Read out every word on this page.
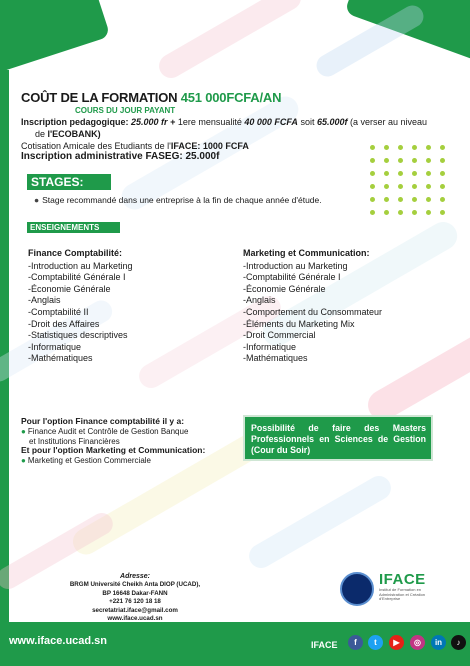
COÛT DE LA FORMATION 451 000FCFA/AN
COURS DU JOUR PAYANT
Inscription pedagogique: 25.000 fr + 1ere mensualité 40 000 FCFA soit 65.000f (a verser au niveau
de l'ECOBANK)
Cotisation Amicale des Etudiants de l'IFACE: 1000 FCFA
Inscription administrative FASEG: 25.000f
STAGES:
● Stage recommandé dans une entreprise à la fin de chaque année d'étude.
ENSEIGNEMENTS
Finance Comptabilité:
-Introduction au Marketing
-Comptabilité Générale I
-Économie Générale
-Anglais
-Comptabilité II
-Droit des Affaires
-Statistiques descriptives
-Informatique
-Mathématiques
Marketing et Communication:
-Introduction au Marketing
-Comptabilité Générale I
-Économie Générale
-Anglais
-Comportement du Consommateur
-Éléments du Marketing Mix
-Droit Commercial
-Informatique
-Mathématiques
Pour l'option Finance comptabilité il y a:
● Finance Audit et Contrôle de Gestion Banque
et Institutions Financières
Et pour l'option Marketing et Communication:
● Marketing et Gestion Commerciale
Possibilité de faire des Masters Professionnels en Sciences de Gestion (Cour du Soir)
Adresse:
BRGM Université Cheikh Anta DIOP (UCAD),
BP 16648 Dakar-FANN
+221 76 120 18 18
secretatriat.iface@gmail.com
www.iface.ucad.sn
IFACE
Institut de Formation en Administration et Création d'Entreprise
www.iface.ucad.sn	IFACE	f	t	▶	◎	in	♪
